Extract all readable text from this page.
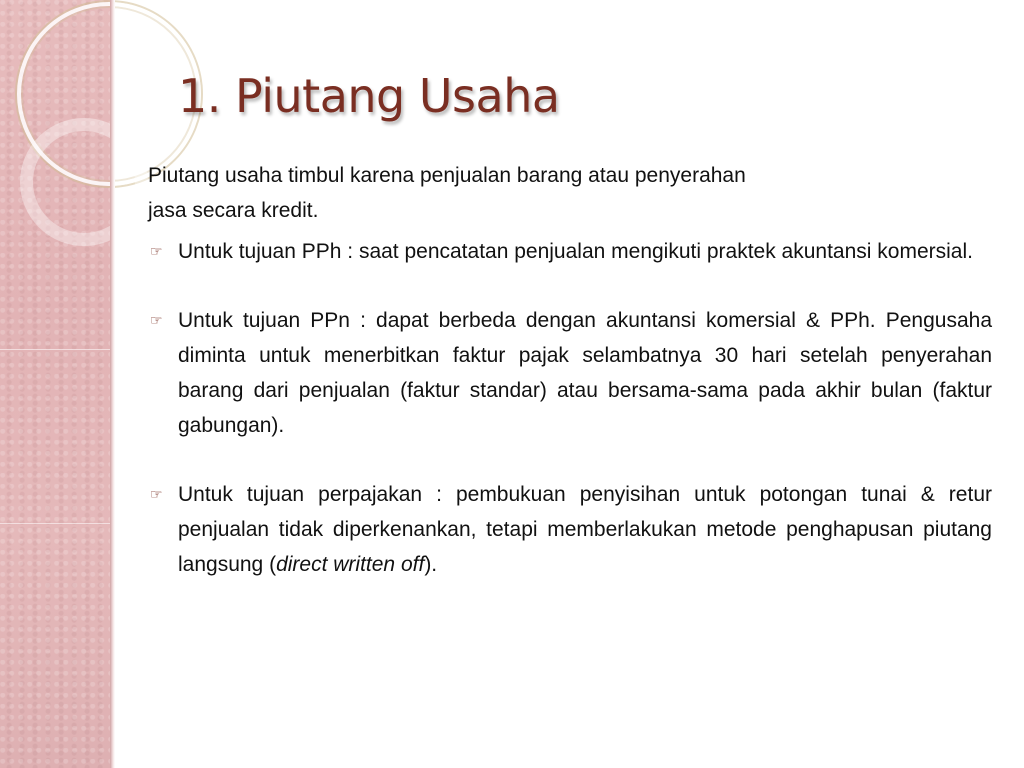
1. Piutang Usaha

Piutang usaha timbul karena penjualan barang atau penyerahan

jasa secara kredit.

☞ Untuk tujuan PPh : saat pencatatan penjualan mengikuti praktek akuntansi komersial.
☞ Untuk tujuan PPn : dapat berbeda dengan akuntansi komersial & PPh. Pengusaha diminta untuk menerbitkan faktur pajak selambatnya 30 hari setelah penyerahan barang dari penjualan (faktur standar) atau bersama-sama pada akhir bulan (faktur gabungan).
☞ Untuk tujuan perpajakan : pembukuan penyisihan untuk potongan tunai & retur penjualan tidak diperkenankan, tetapi memberlakukan metode penghapusan piutang langsung (direct written off).
